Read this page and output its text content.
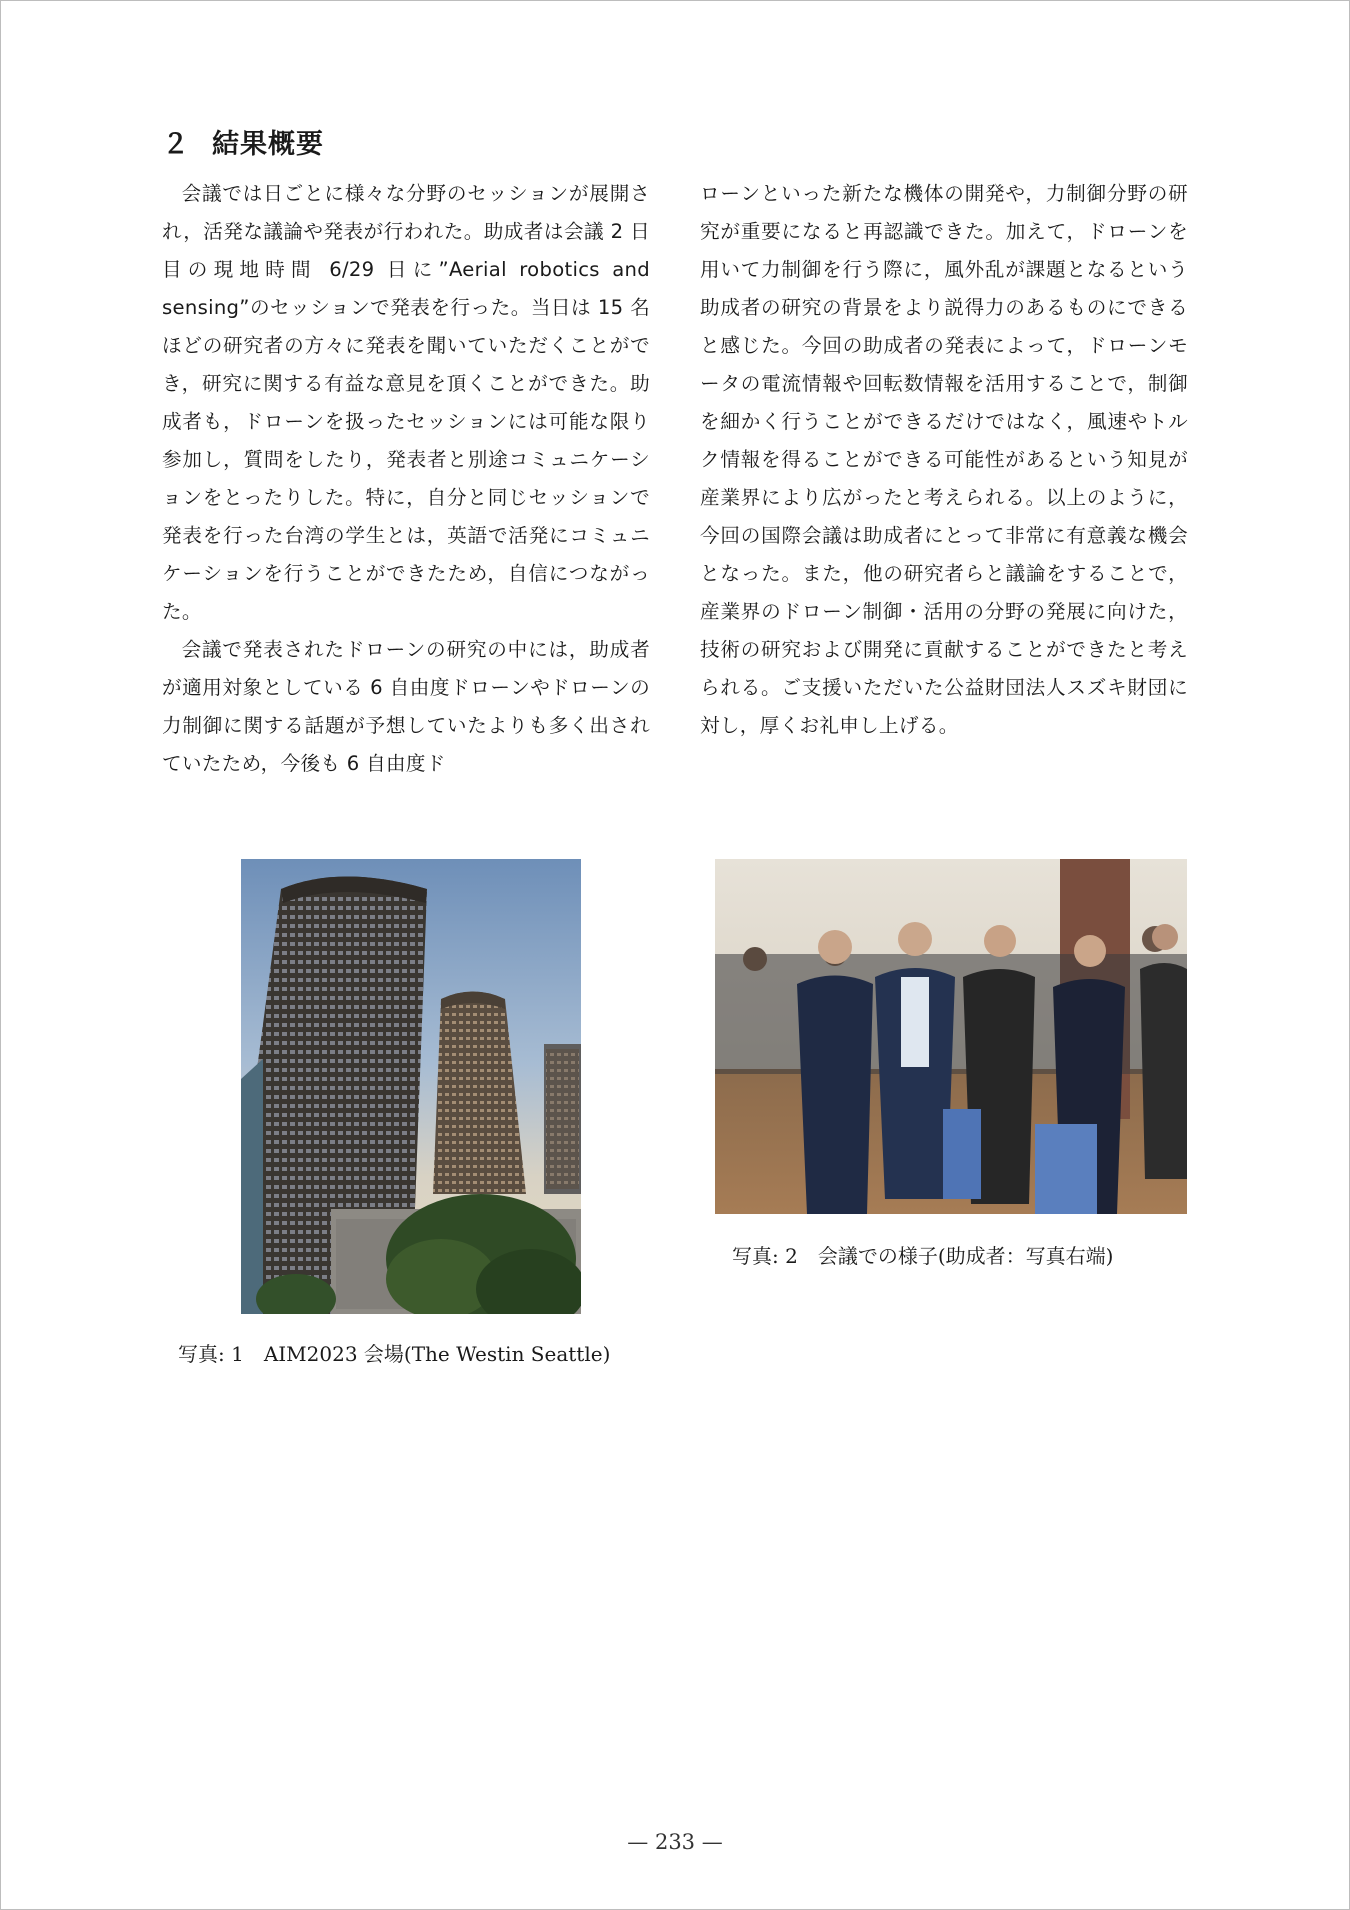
２ 結果概要

会議では日ごとに様々な分野のセッションが展開され，活発な議論や発表が行われた。助成者は会議 2 日目の現地時間 6/29 日に”Aerial robotics and sensing”のセッションで発表を行った。当日は 15 名ほどの研究者の方々に発表を聞いていただくことができ，研究に関する有益な意見を頂くことができた。助成者も，ドローンを扱ったセッションには可能な限り参加し，質問をしたり，発表者と別途コミュニケーションをとったりした。特に，自分と同じセッションで発表を行った台湾の学生とは，英語で活発にコミュニケーションを行うことができたため，自信につながった。

会議で発表されたドローンの研究の中には，助成者が適用対象としている 6 自由度ドローンやドローンの力制御に関する話題が予想していたよりも多く出されていたため，今後も 6 自由度ド

ローンといった新たな機体の開発や，力制御分野の研究が重要になると再認識できた。加えて，ドローンを用いて力制御を行う際に，風外乱が課題となるという助成者の研究の背景をより説得力のあるものにできると感じた。今回の助成者の発表によって，ドローンモータの電流情報や回転数情報を活用することで，制御を細かく行うことができるだけではなく，風速やトルク情報を得ることができる可能性があるという知見が産業界により広がったと考えられる。以上のように，今回の国際会議は助成者にとって非常に有意義な機会となった。また，他の研究者らと議論をすることで，産業界のドローン制御・活用の分野の発展に向けた，技術の研究および開発に貢献することができたと考えられる。ご支援いただいた公益財団法人スズキ財団に対し，厚くお礼申し上げる。

写真: 1　AIM2023 会場(The Westin Seattle)
写真: 2　会議での様子(助成者：写真右端)
— 233 —
